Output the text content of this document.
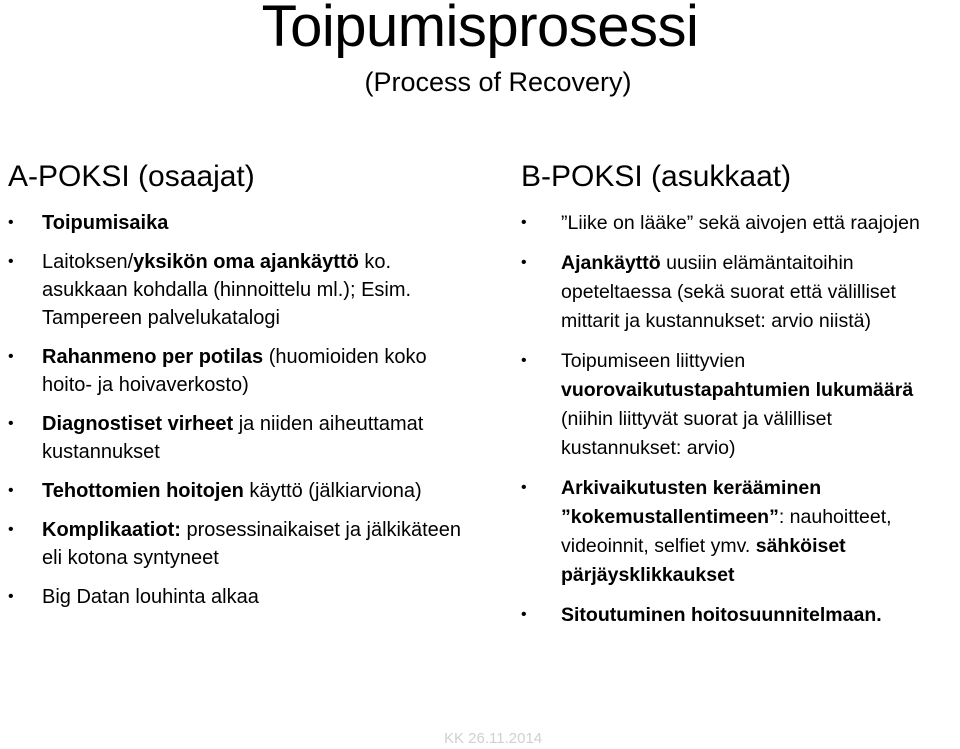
Toipumisprosessi
(Process of Recovery)
A-POKSI (osaajat)
• Toipumisaika
• Laitoksen/yksikön oma ajankäyttö ko. asukkaan kohdalla (hinnoittelu ml.); Esim. Tampereen palvelukatalogi
• Rahanmeno per potilas (huomioiden koko hoito- ja hoivaverkosto)
• Diagnostiset virheet ja niiden aiheuttamat kustannukset
• Tehottomien hoitojen käyttö (jälkiarviona)
• Komplikaatiot: prosessinaikaiset ja jälkikäteen eli kotona syntyneet
• Big Datan louhinta alkaa
B-POKSI (asukkaat)
• ”Liike on lääke” sekä aivojen että raajojen
• Ajankäyttö uusiin elämäntaitoihin opeteltaessa (sekä suorat että välilliset mittarit ja kustannukset: arvio niistä)
• Toipumiseen liittyvien vuorovaikutustapahtumien lukumäärä (niihin liittyvät suorat ja välilliset kustannukset: arvio)
• Arkivaikutusten kerääminen ”kokemustallentimeen”: nauhoitteet, videoinnit, selfiet ymv. sähköiset pärjäysklikkaukset
• Sitoutuminen hoitosuunnitelmaan.
KK 26.11.2014
